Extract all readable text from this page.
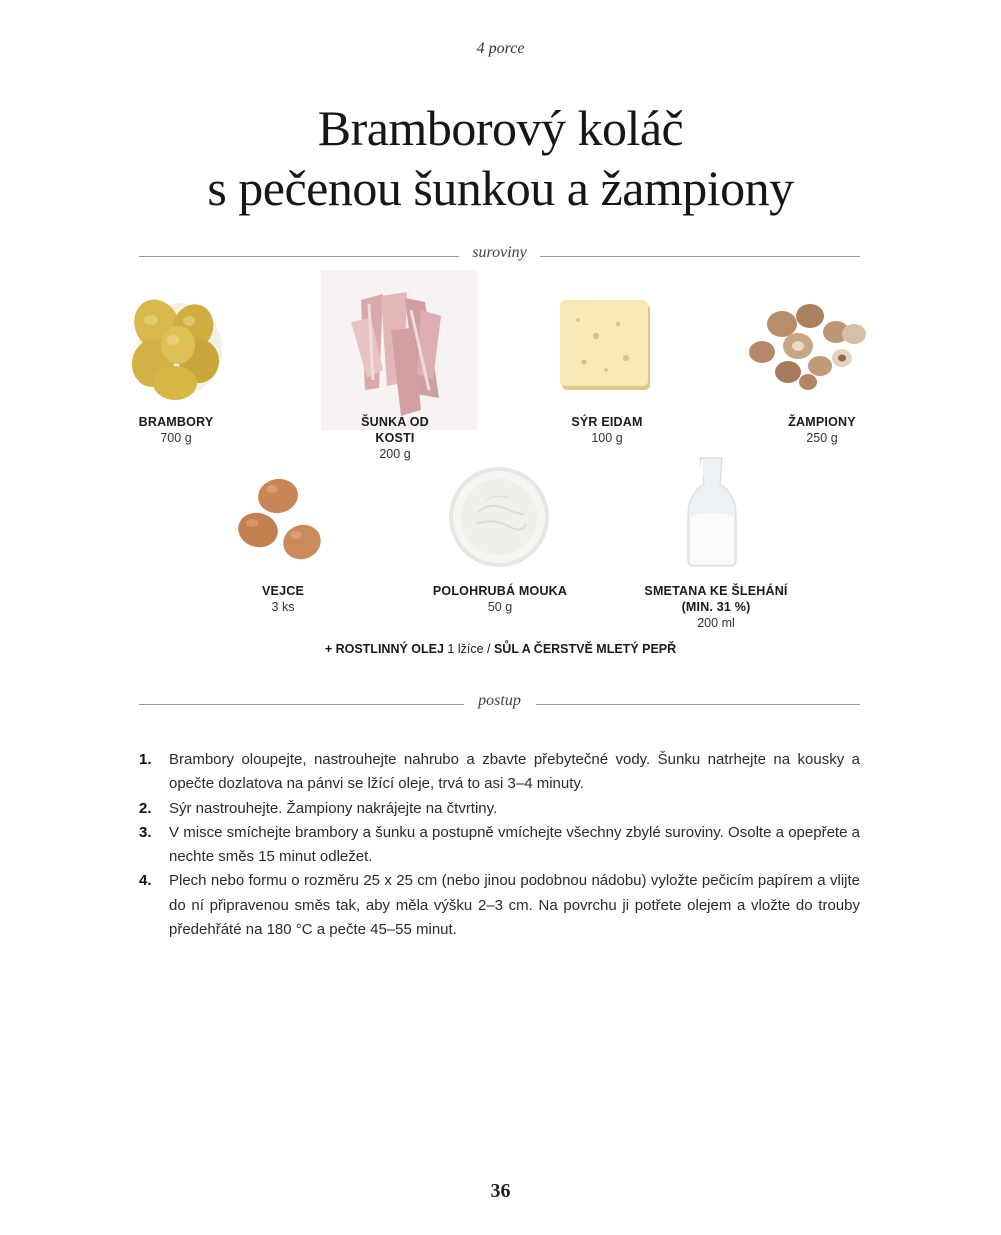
4 porce
Bramborový koláč
s pečenou šunkou a žampiony
suroviny
BRAMBORY
700 g
ŠUNKA OD
KOSTI
200 g
SÝR EIDAM
100 g
ŽAMPIONY
250 g
VEJCE
3 ks
POLOHRUBÁ MOUKA
50 g
SMETANA KE ŠLEHÁNÍ
(MIN. 31 %)
200 ml
+ ROSTLINNÝ OLEJ 1 lžíce / SŮL A ČERSTVĚ MLETÝ PEPŘ
postup
1. Brambory oloupejte, nastrouhejte nahrubo a zbavte přebytečné vody. Šunku natrhejte na kousky a opečte dozlatova na pánvi se lžící oleje, trvá to asi 3–4 minuty.
2. Sýr nastrouhejte. Žampiony nakrájejte na čtvrtiny.
3. V misce smíchejte brambory a šunku a postupně vmíchejte všechny zbylé suroviny. Osolte a opepřete a nechte směs 15 minut odležet.
4. Plech nebo formu o rozměru 25 x 25 cm (nebo jinou podobnou nádobu) vyložte pečicím papírem a vlijte do ní připravenou směs tak, aby měla výšku 2–3 cm. Na povrchu ji potřete olejem a vložte do trouby předehřáté na 180 °C a pečte 45–55 minut.
36
